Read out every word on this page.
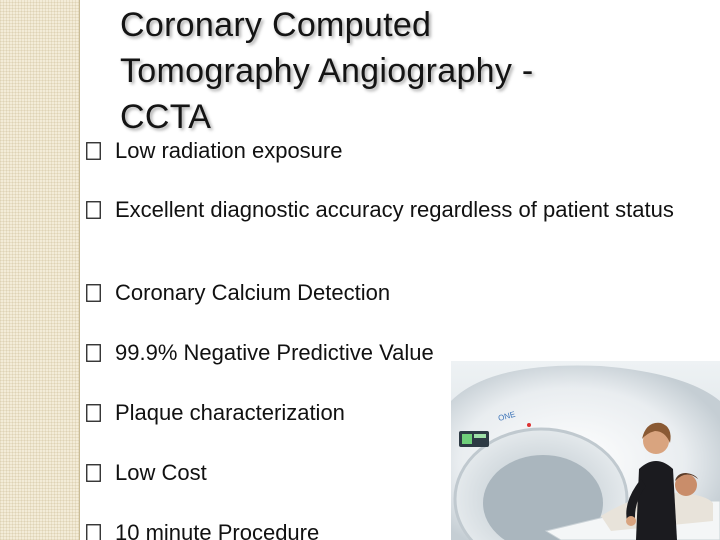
Coronary Computed Tomography Angiography - CCTA
Low radiation exposure
Excellent diagnostic accuracy regardless of patient status
Coronary Calcium Detection
99.9% Negative Predictive Value
Plaque characterization
Low Cost
10 minute Procedure
ONE
